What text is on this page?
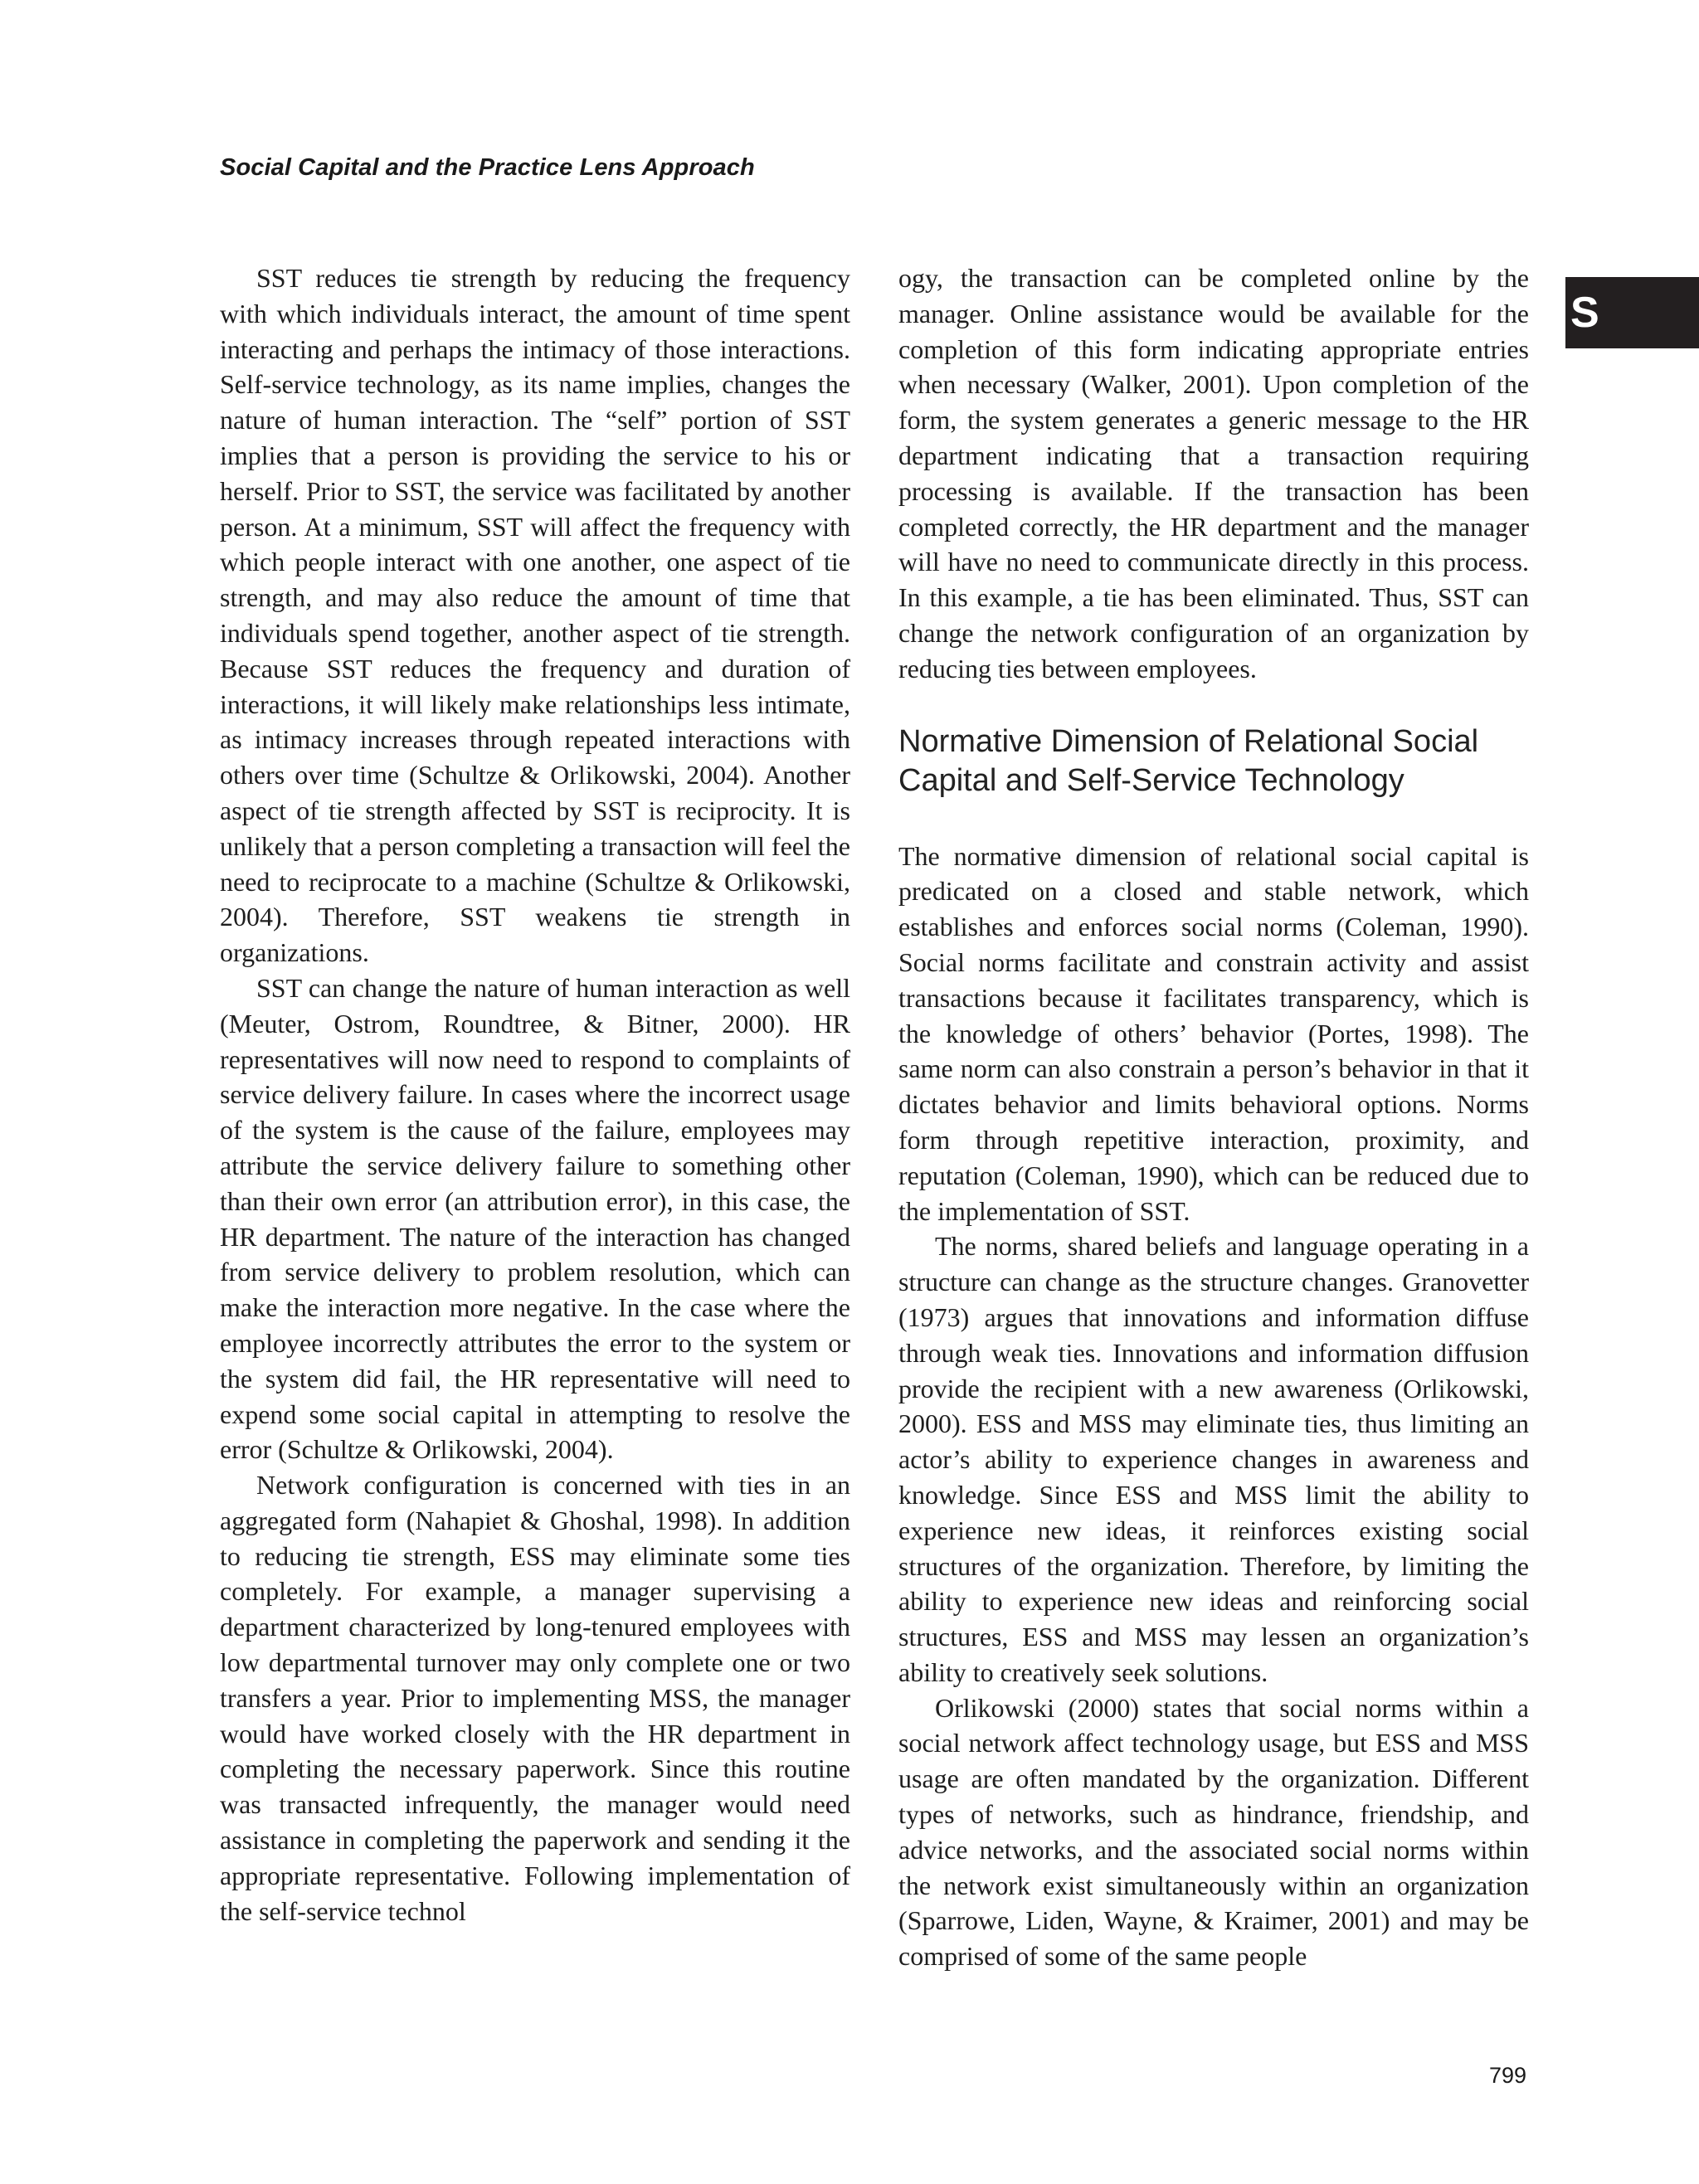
Social Capital and the Practice Lens Approach
S

SST reduces tie strength by reducing the frequency with which individuals interact, the amount of time spent interacting and perhaps the intimacy of those interactions. Self-service technology, as its name implies, changes the nature of human interaction. The “self” portion of SST implies that a person is providing the service to his or herself. Prior to SST, the service was facilitated by another person. At a minimum, SST will affect the frequency with which people interact with one another, one aspect of tie strength, and may also reduce the amount of time that individuals spend together, another aspect of tie strength. Because SST reduces the frequency and duration of interactions, it will likely make relationships less intimate, as intimacy increases through repeated interactions with others over time (Schultze & Orlikowski, 2004). Another aspect of tie strength affected by SST is reciprocity. It is unlikely that a person completing a transaction will feel the need to reciprocate to a machine (Schultze & Orlikowski, 2004). Therefore, SST weakens tie strength in organizations.

SST can change the nature of human interaction as well (Meuter, Ostrom, Roundtree, & Bitner, 2000). HR representatives will now need to respond to complaints of service delivery failure. In cases where the incorrect usage of the system is the cause of the failure, employees may attribute the service delivery failure to something other than their own error (an attribution error), in this case, the HR department. The nature of the interaction has changed from service delivery to problem resolution, which can make the interaction more negative. In the case where the employee incorrectly attributes the error to the system or the system did fail, the HR representative will need to expend some social capital in attempting to resolve the error (Schultze & Orlikowski, 2004).

Network configuration is concerned with ties in an aggregated form (Nahapiet & Ghoshal, 1998). In addition to reducing tie strength, ESS may eliminate some ties completely. For example, a manager supervising a department characterized by long-tenured employees with low departmental turnover may only complete one or two transfers a year. Prior to implementing MSS, the manager would have worked closely with the HR department in completing the necessary paperwork. Since this routine was transacted infrequently, the manager would need assistance in completing the paperwork and sending it the appropriate representative. Following implementation of the self-service technol

ogy, the transaction can be completed online by the manager. Online assistance would be available for the completion of this form indicating appropriate entries when necessary (Walker, 2001). Upon completion of the form, the system generates a generic message to the HR department indicating that a transaction requiring processing is available. If the transaction has been completed correctly, the HR department and the manager will have no need to communicate directly in this process. In this example, a tie has been eliminated. Thus, SST can change the network configuration of an organization by reducing ties between employees.

Normative Dimension of Relational Social Capital and Self-Service Technology

The normative dimension of relational social capital is predicated on a closed and stable network, which establishes and enforces social norms (Coleman, 1990). Social norms facilitate and constrain activity and assist transactions because it facilitates transparency, which is the knowledge of others’ behavior (Portes, 1998). The same norm can also constrain a person’s behavior in that it dictates behavior and limits behavioral options. Norms form through repetitive interaction, proximity, and reputation (Coleman, 1990), which can be reduced due to the implementation of SST.

The norms, shared beliefs and language operating in a structure can change as the structure changes. Granovetter (1973) argues that innovations and information diffuse through weak ties. Innovations and information diffusion provide the recipient with a new awareness (Orlikowski, 2000). ESS and MSS may eliminate ties, thus limiting an actor’s ability to experience changes in awareness and knowledge. Since ESS and MSS limit the ability to experience new ideas, it reinforces existing social structures of the organization. Therefore, by limiting the ability to experience new ideas and reinforcing social structures, ESS and MSS may lessen an organization’s ability to creatively seek solutions.

Orlikowski (2000) states that social norms within a social network affect technology usage, but ESS and MSS usage are often mandated by the organization. Different types of networks, such as hindrance, friendship, and advice networks, and the associated social norms within the network exist simultaneously within an organization (Sparrowe, Liden, Wayne, & Kraimer, 2001) and may be comprised of some of the same people

799
